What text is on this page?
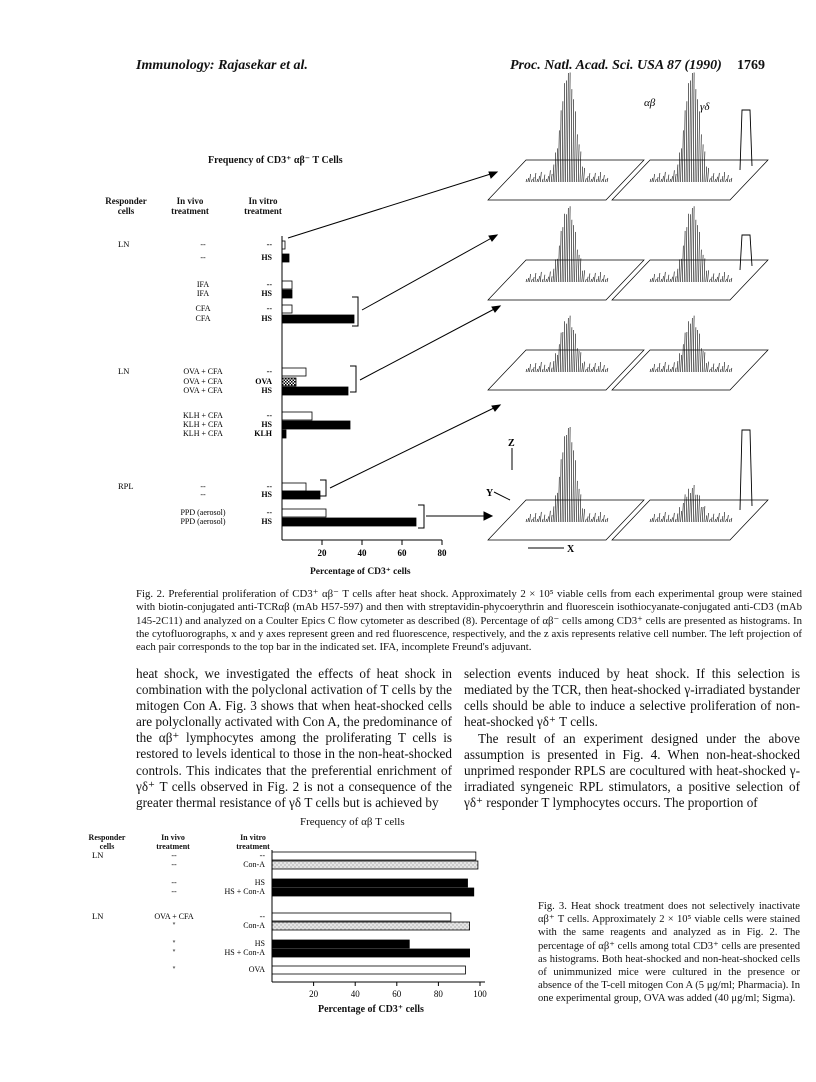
Immunology: Rajasekar et al.	Proc. Natl. Acad. Sci. USA 87 (1990) 1769
Frequency of CD3⁺ αβ⁻ T Cells
Responder
cells
In vivo
treatment
In vitro
treatment
LN	--	--
--	HS
IFA	--
IFA	HS
CFA	--
CFA	HS
LN	OVA + CFA	--
OVA + CFA	OVA
OVA + CFA	HS
KLH + CFA	--
KLH + CFA	HS
KLH + CFA	KLH
RPL	--	--
--	HS
PPD (aerosol)	--
PPD (aerosol)	HS
20	40	60	80
αβ	γδ
Z
Y
X
Percentage of CD3⁺ cells
Fig. 2. Preferential proliferation of CD3⁺ αβ⁻ T cells after heat shock. Approximately 2 × 10⁵ viable cells from each experimental group were stained with biotin-conjugated anti-TCRαβ (mAb H57-597) and then with streptavidin-phycoerythrin and fluorescein isothiocyanate-conjugated anti-CD3 (mAb 145-2C11) and analyzed on a Coulter Epics C flow cytometer as described (8). Percentage of αβ⁻ cells among CD3⁺ cells are presented as histograms. In the cytofluorographs, x and y axes represent green and red fluorescence, respectively, and the z axis represents relative cell number. The left projection of each pair corresponds to the top bar in the indicated set. IFA, incomplete Freund's adjuvant.
heat shock, we investigated the effects of heat shock in combination with the polyclonal activation of T cells by the mitogen Con A. Fig. 3 shows that when heat-shocked cells are polyclonally activated with Con A, the predominance of the αβ⁺ lymphocytes among the proliferating T cells is restored to levels identical to those in the non-heat-shocked controls. This indicates that the preferential enrichment of γδ⁺ T cells observed in Fig. 2 is not a consequence of the greater thermal resistance of γδ T cells but is achieved by
selection events induced by heat shock. If this selection is mediated by the TCR, then heat-shocked γ-irradiated bystander cells should be able to induce a selective proliferation of non-heat-shocked γδ⁺ T cells.
The result of an experiment designed under the above assumption is presented in Fig. 4. When non-heat-shocked unprimed responder RPLS are cocultured with heat-shocked γ-irradiated syngeneic RPL stimulators, a positive selection of γδ⁺ responder T lymphocytes occurs. The proportion of
Frequency of αβ T cells
Responder
cells
In vivo
treatment
In vitro
treatment
LN	--	--
--	Con-A
--	HS
--	HS + Con-A
LN	OVA + CFA	--
"	Con-A
"	HS
"	HS + Con-A
"	OVA
20	40	60	80	100
Percentage of CD3⁺ cells
Fig. 3. Heat shock treatment does not selectively inactivate αβ⁺ T cells. Approximately 2 × 10⁵ viable cells were stained with the same reagents and analyzed as in Fig. 2. The percentage of αβ⁺ cells among total CD3⁺ cells are presented as histograms. Both heat-shocked and non-heat-shocked cells of unimmunized mice were cultured in the presence or absence of the T-cell mitogen Con A (5 μg/ml; Pharmacia). In one experimental group, OVA was added (40 μg/ml; Sigma).
